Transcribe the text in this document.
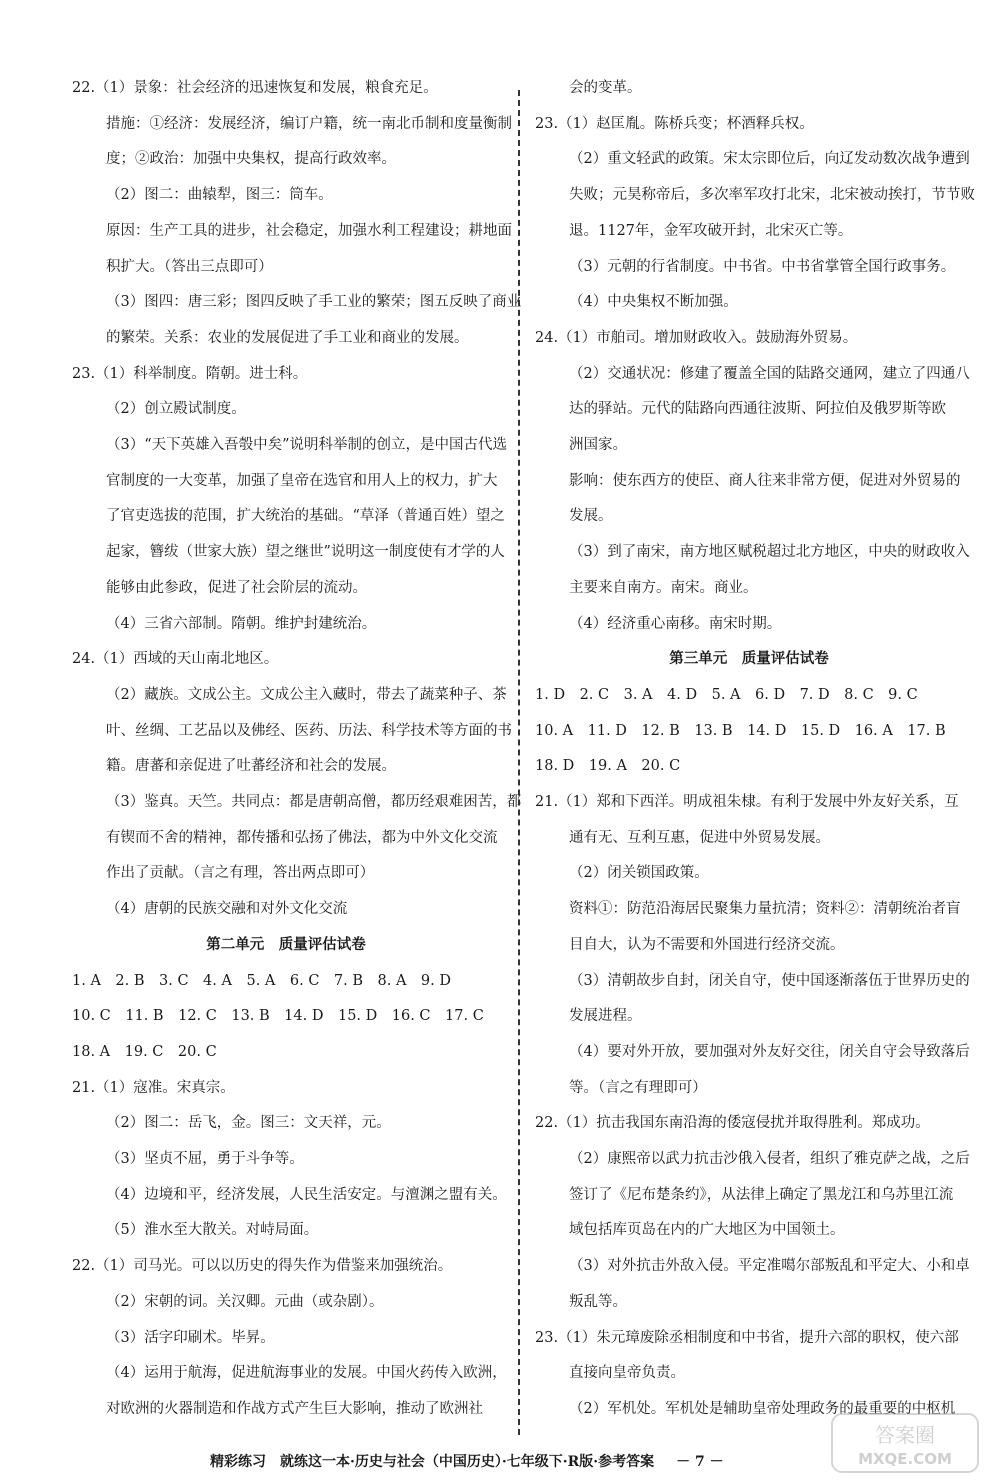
22.（1）景象：社会经济的迅速恢复和发展，粮食充足。
措施：①经济：发展经济，编订户籍，统一南北币制和度量衡制
度；②政治：加强中央集权，提高行政效率。
（2）图二：曲辕犁，图三：筒车。
原因：生产工具的进步，社会稳定，加强水利工程建设；耕地面
积扩大。（答出三点即可）
（3）图四：唐三彩；图四反映了手工业的繁荣；图五反映了商业
的繁荣。关系：农业的发展促进了手工业和商业的发展。
23.（1）科举制度。隋朝。进士科。
（2）创立殿试制度。
（3）“天下英雄入吾彀中矣”说明科举制的创立，是中国古代选
官制度的一大变革，加强了皇帝在选官和用人上的权力，扩大
了官吏选拔的范围，扩大统治的基础。“草泽（普通百姓）望之
起家，簪绂（世家大族）望之继世”说明这一制度使有才学的人
能够由此参政，促进了社会阶层的流动。
（4）三省六部制。隋朝。维护封建统治。
24.（1）西域的天山南北地区。
（2）藏族。文成公主。文成公主入藏时，带去了蔬菜种子、茶
叶、丝绸、工艺品以及佛经、医药、历法、科学技术等方面的书
籍。唐蕃和亲促进了吐蕃经济和社会的发展。
（3）鉴真。天竺。共同点：都是唐朝高僧，都历经艰难困苦，都
有锲而不舍的精神，都传播和弘扬了佛法，都为中外文化交流
作出了贡献。（言之有理，答出两点即可）
（4）唐朝的民族交融和对外文化交流
第二单元　质量评估试卷
1. A　2. B　3. C　4. A　5. A　6. C　7. B　8. A　9. D
10. C　11. B　12. C　13. B　14. D　15. D　16. C　17. C
18. A　19. C　20. C
21.（1）寇准。宋真宗。
（2）图二：岳飞，金。图三：文天祥，元。
（3）坚贞不屈，勇于斗争等。
（4）边境和平，经济发展，人民生活安定。与澶渊之盟有关。
（5）淮水至大散关。对峙局面。
22.（1）司马光。可以以历史的得失作为借鉴来加强统治。
（2）宋朝的词。关汉卿。元曲（或杂剧）。
（3）活字印刷术。毕昇。
（4）运用于航海，促进航海事业的发展。中国火药传入欧洲，
对欧洲的火器制造和作战方式产生巨大影响，推动了欧洲社
会的变革。
23.（1）赵匡胤。陈桥兵变；杯酒释兵权。
（2）重文轻武的政策。宋太宗即位后，向辽发动数次战争遭到
失败；元昊称帝后，多次率军攻打北宋，北宋被动挨打，节节败
退。1127年，金军攻破开封，北宋灭亡等。
（3）元朝的行省制度。中书省。中书省掌管全国行政事务。
（4）中央集权不断加强。
24.（1）市舶司。增加财政收入。鼓励海外贸易。
（2）交通状况：修建了覆盖全国的陆路交通网，建立了四通八
达的驿站。元代的陆路向西通往波斯、阿拉伯及俄罗斯等欧
洲国家。
影响：使东西方的使臣、商人往来非常方便，促进对外贸易的
发展。
（3）到了南宋，南方地区赋税超过北方地区，中央的财政收入
主要来自南方。南宋。商业。
（4）经济重心南移。南宋时期。
第三单元　质量评估试卷
1. D　2. C　3. A　4. D　5. A　6. D　7. D　8. C　9. C
10. A　11. D　12. B　13. B　14. D　15. D　16. A　17. B
18. D　19. A　20. C
21.（1）郑和下西洋。明成祖朱棣。有利于发展中外友好关系，互
通有无、互利互惠，促进中外贸易发展。
（2）闭关锁国政策。
资料①：防范沿海居民聚集力量抗清；资料②：清朝统治者盲
目自大，认为不需要和外国进行经济交流。
（3）清朝故步自封，闭关自守，使中国逐渐落伍于世界历史的
发展进程。
（4）要对外开放，要加强对外友好交往，闭关自守会导致落后
等。（言之有理即可）
22.（1）抗击我国东南沿海的倭寇侵扰并取得胜利。郑成功。
（2）康熙帝以武力抗击沙俄入侵者，组织了雅克萨之战，之后
签订了《尼布楚条约》，从法律上确定了黑龙江和乌苏里江流
域包括库页岛在内的广大地区为中国领土。
（3）对外抗击外敌入侵。平定准噶尔部叛乱和平定大、小和卓
叛乱等。
23.（1）朱元璋废除丞相制度和中书省，提升六部的职权，使六部
直接向皇帝负责。
（2）军机处。军机处是辅助皇帝处理政务的最重要的中枢机
精彩练习　就练这一本·历史与社会（中国历史）·七年级下·R版·参考答案 － 7 －
答案圈
MXQE.COM
